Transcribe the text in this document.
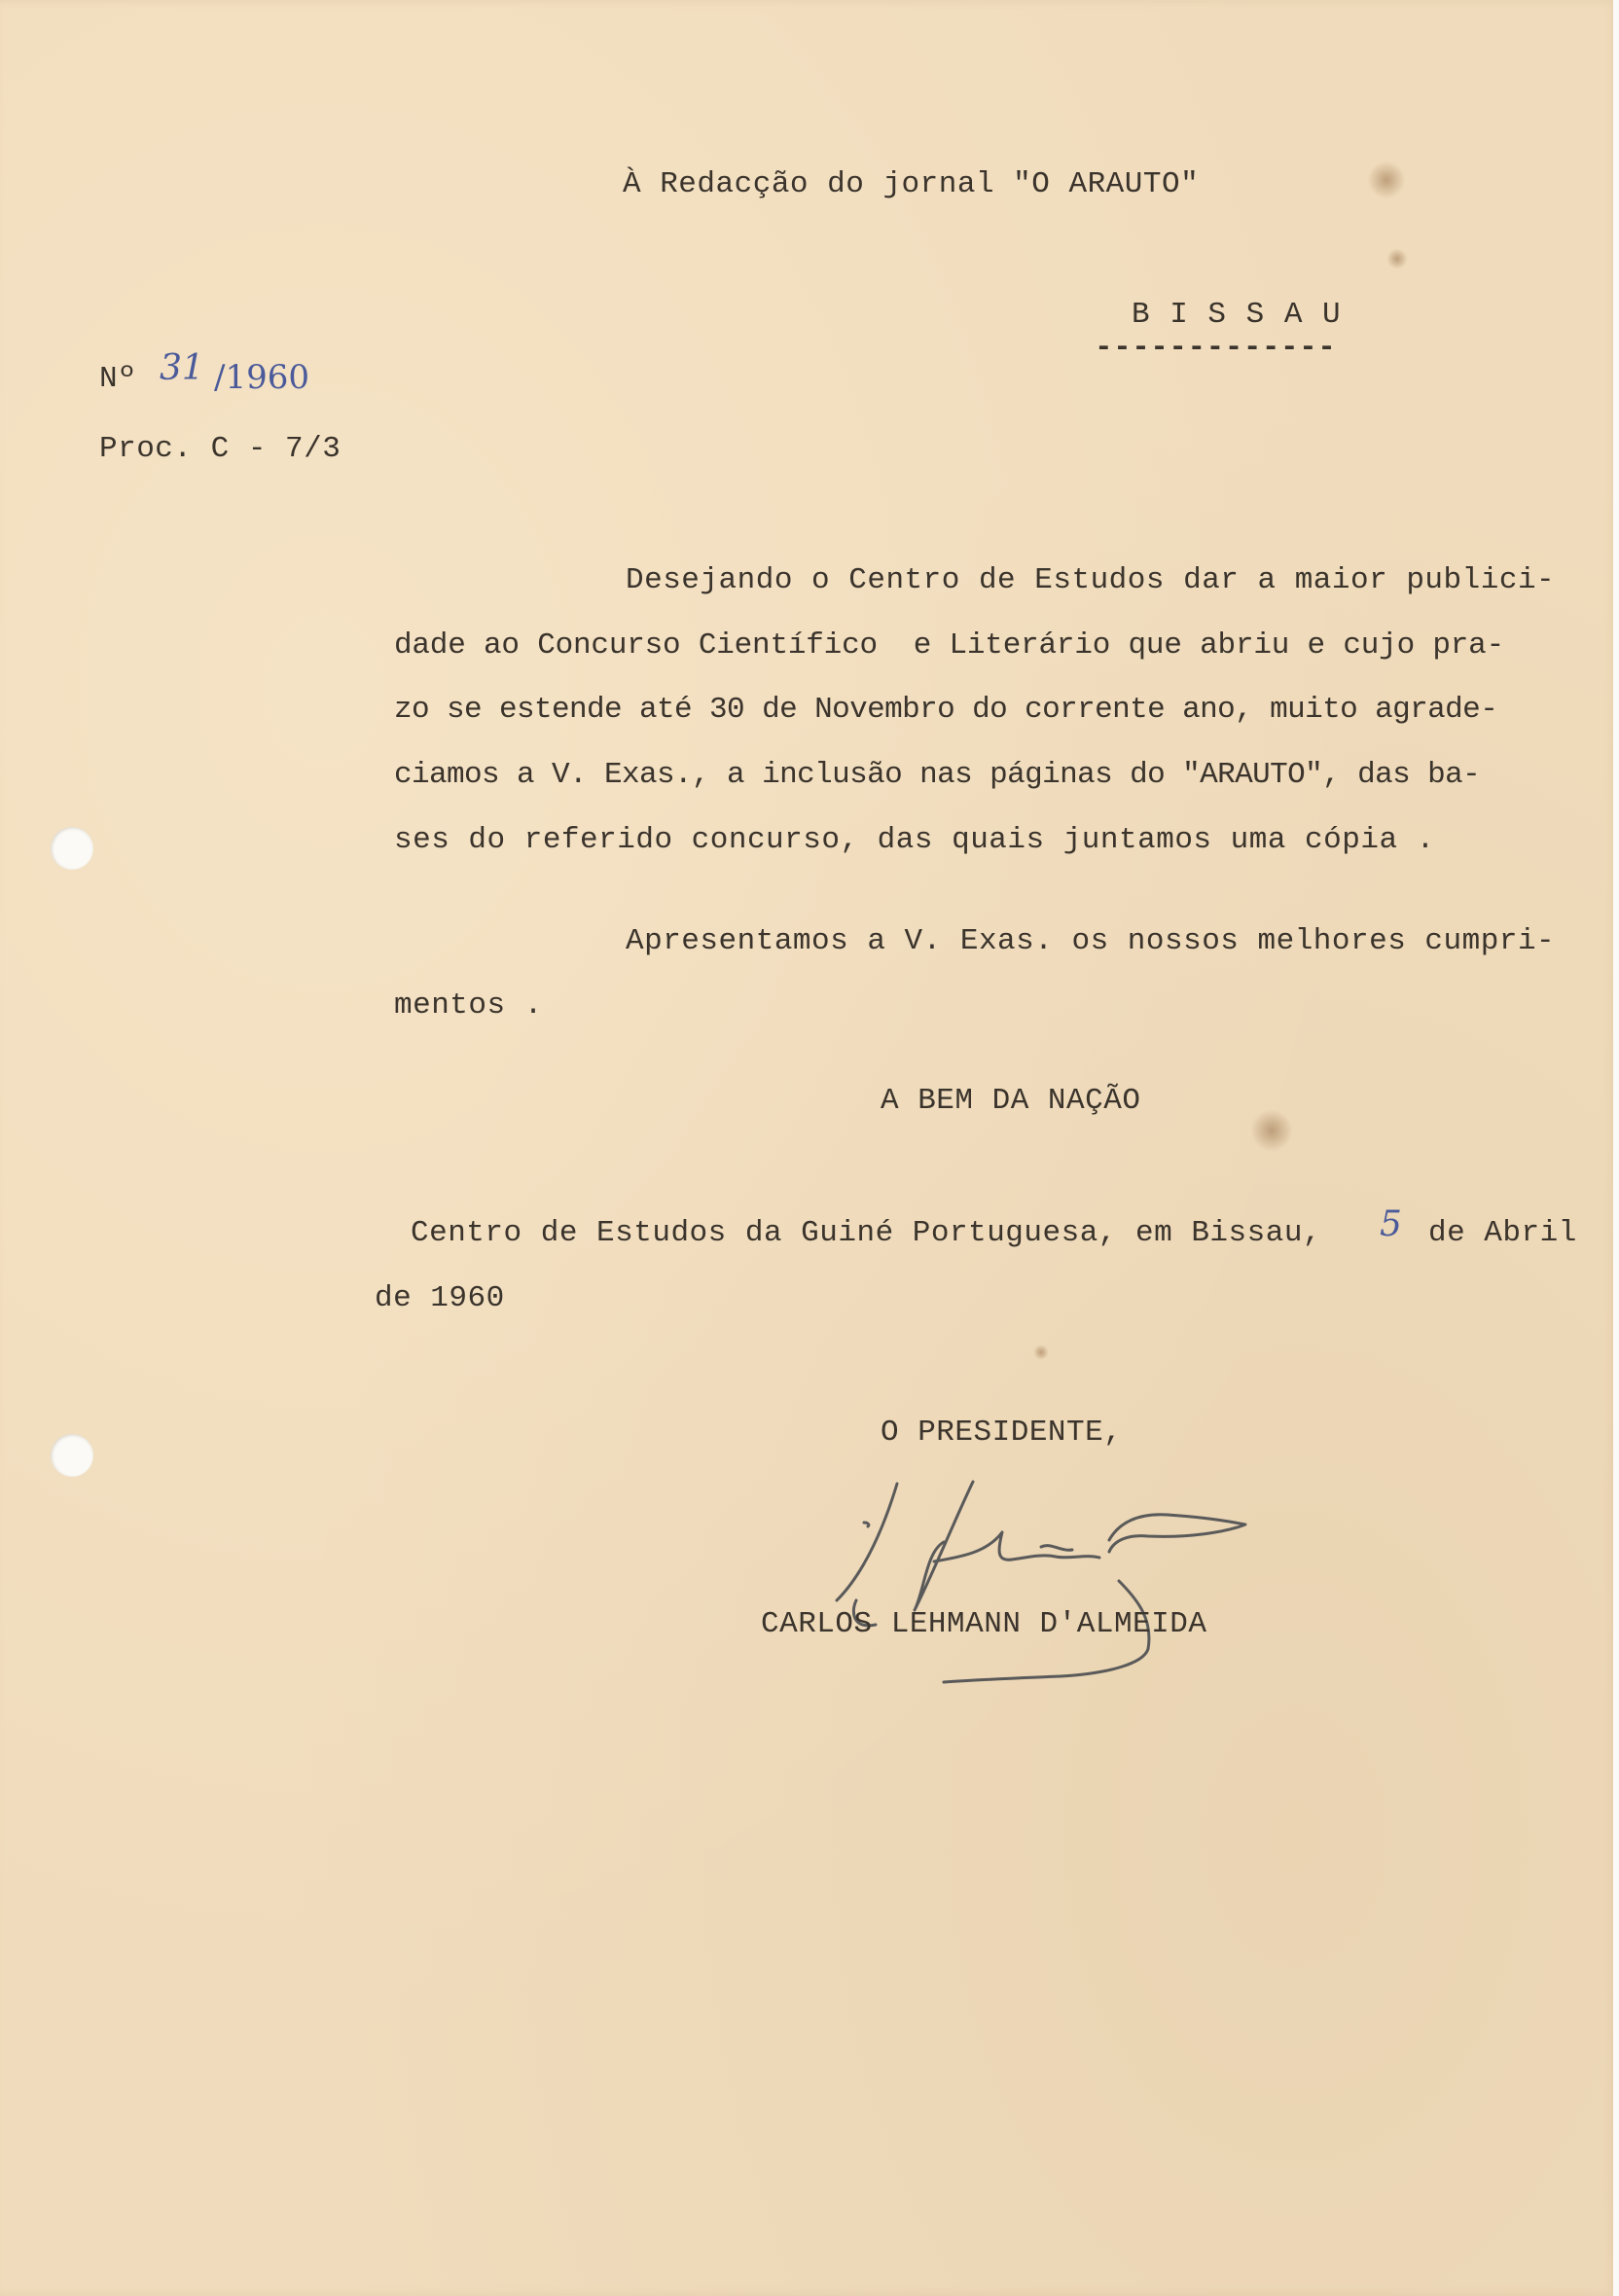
À Redacção do jornal "O ARAUTO"
B I S S A U
-------------
Nº 31 /1960
Proc. C - 7/3
Desejando o Centro de Estudos dar a maior publici-
dade ao Concurso Científico  e Literário que abriu e cujo pra-
zo se estende até 30 de Novembro do corrente ano, muito agrade-
ciamos a V. Exas., a inclusão nas páginas do "ARAUTO", das ba-
ses do referido concurso, das quais juntamos uma cópia .
Apresentamos a V. Exas. os nossos melhores cumpri-
mentos .
A BEM DA NAÇÃO
Centro de Estudos da Guiné Portuguesa, em Bissau, 5 de Abril
de 1960
O PRESIDENTE,
CARLOS LEHMANN D'ALMEIDA
